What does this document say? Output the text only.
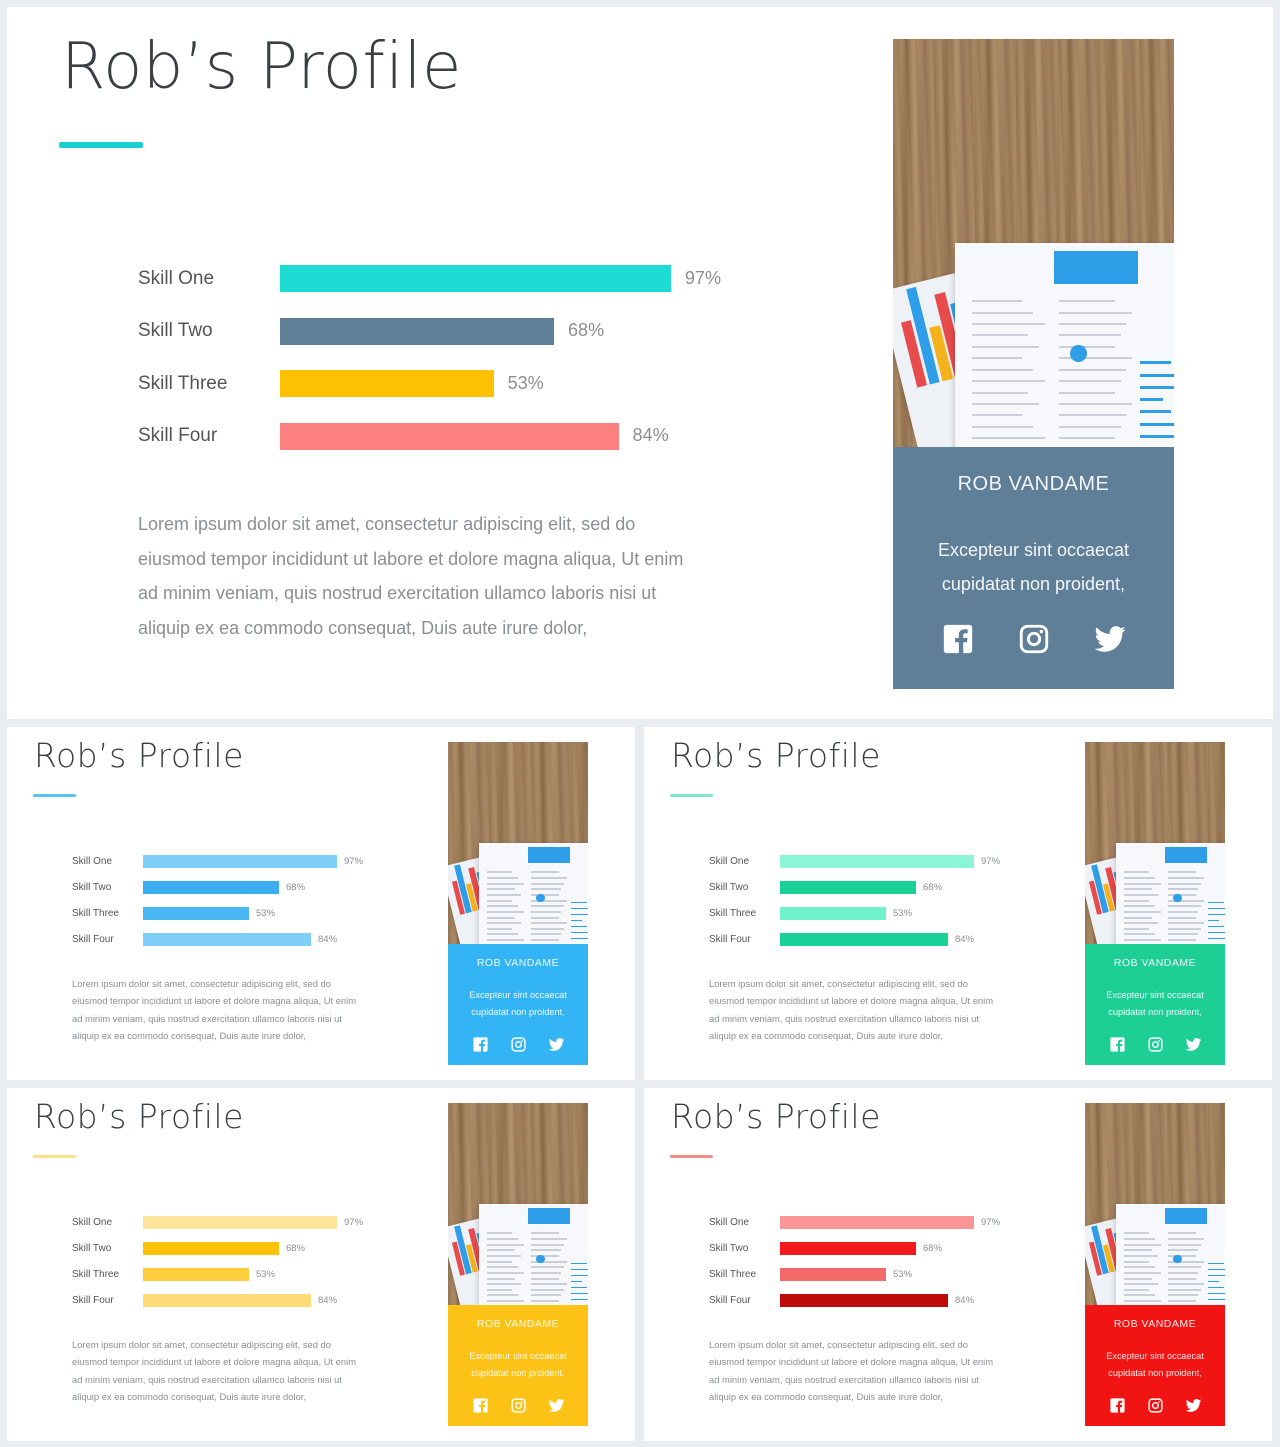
Rob’s Profile
Skill One	97%
Skill Two	68%
Skill Three	53%
Skill Four	84%
Lorem ipsum dolor sit amet, consectetur adipiscing elit, sed do
eiusmod tempor incididunt ut labore et dolore magna aliqua, Ut enim
ad minim veniam, quis nostrud exercitation ullamco laboris nisi ut
aliquip ex ea commodo consequat, Duis aute irure dolor,
ROB VANDAME
Excepteur sint occaecat
cupidatat non proident,
Rob’s Profile
Skill One	97%
Skill Two	68%
Skill Three	53%
Skill Four	84%
Lorem ipsum dolor sit amet, consectetur adipiscing elit, sed do
eiusmod tempor incididunt ut labore et dolore magna aliqua, Ut enim
ad minim veniam, quis nostrud exercitation ullamco laboris nisi ut
aliquip ex ea commodo consequat, Duis aute irure dolor,
ROB VANDAME
Excepteur sint occaecat
cupidatat non proident,
Rob’s Profile
Skill One	97%
Skill Two	68%
Skill Three	53%
Skill Four	84%
Lorem ipsum dolor sit amet, consectetur adipiscing elit, sed do
eiusmod tempor incididunt ut labore et dolore magna aliqua, Ut enim
ad minim veniam, quis nostrud exercitation ullamco laboris nisi ut
aliquip ex ea commodo consequat, Duis aute irure dolor,
ROB VANDAME
Excepteur sint occaecat
cupidatat non proident,
Rob’s Profile
Skill One	97%
Skill Two	68%
Skill Three	53%
Skill Four	84%
Lorem ipsum dolor sit amet, consectetur adipiscing elit, sed do
eiusmod tempor incididunt ut labore et dolore magna aliqua, Ut enim
ad minim veniam, quis nostrud exercitation ullamco laboris nisi ut
aliquip ex ea commodo consequat, Duis aute irure dolor,
ROB VANDAME
Excepteur sint occaecat
cupidatat non proident,
Rob’s Profile
Skill One	97%
Skill Two	68%
Skill Three	53%
Skill Four	84%
Lorem ipsum dolor sit amet, consectetur adipiscing elit, sed do
eiusmod tempor incididunt ut labore et dolore magna aliqua, Ut enim
ad minim veniam, quis nostrud exercitation ullamco laboris nisi ut
aliquip ex ea commodo consequat, Duis aute irure dolor,
ROB VANDAME
Excepteur sint occaecat
cupidatat non proident,
